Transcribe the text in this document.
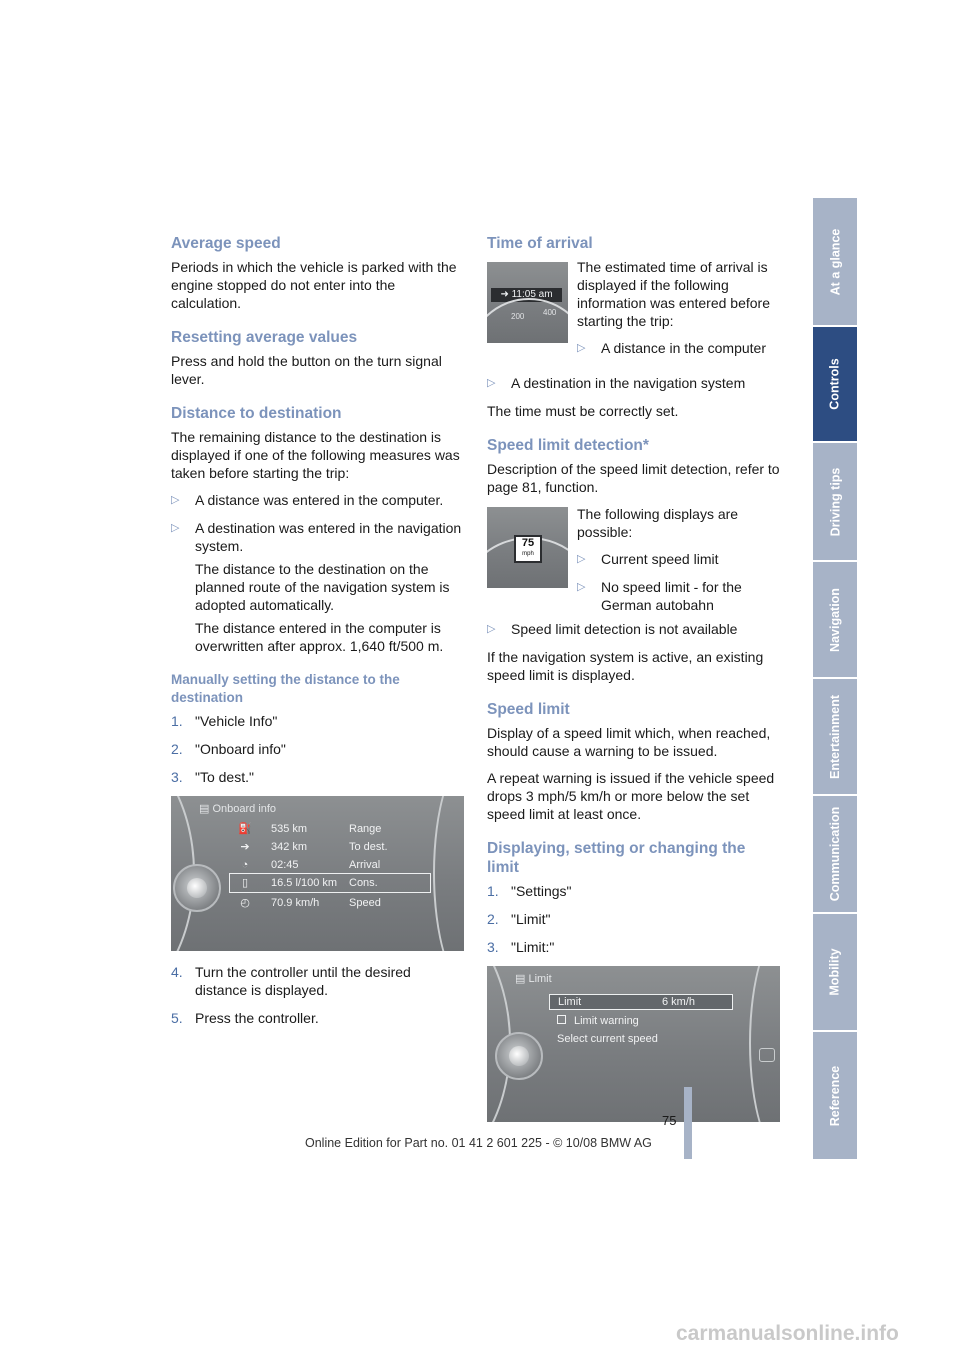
Average speed

Periods in which the vehicle is parked with the engine stopped do not enter into the calculation.

Resetting average values

Press and hold the button on the turn signal lever.

Distance to destination

The remaining distance to the destination is displayed if one of the following measures was taken before starting the trip:

▷ A distance was entered in the computer.
▷ A destination was entered in the navigation system.
The distance to the destination on the planned route of the navigation system is adopted automatically.
The distance entered in the computer is overwritten after approx. 1,640 ft/500 m.
Manually setting the distance to the destination
1. "Vehicle Info"
2. "Onboard info"
3. "To dest."
▤ Onboard info
⛽ 535 km	Range
➔	342 km	To dest.
◔	02:45	Arrival
▯	16.5 l/100 km Cons.
◴ 70.9 km/h	Speed
4. Turn the controller until the desired distance is displayed.
5. Press the controller.
Time of arrival
➜ 11:05 am
200 400

The estimated time of arrival is displayed if the following information was entered before starting the trip:

▷ A distance in the computer
▷ A destination in the navigation system

The time must be correctly set.

Speed limit detection*

Description of the speed limit detection, refer to page 81, function.

75
mph

The following displays are possible:

▷ Current speed limit
▷ No speed limit - for the German autobahn
▷ Speed limit detection is not available

If the navigation system is active, an existing speed limit is displayed.

Speed limit

Display of a speed limit which, when reached, should cause a warning to be issued.

A repeat warning is issued if the vehicle speed drops 3 mph/5 km/h or more below the set speed limit at least once.

Displaying, setting or changing the limit
1. "Settings"
2. "Limit"
3. "Limit:"
▤ Limit
Limit	6 km/h
Limit warning
Select current speed
At a glance
Controls
Driving tips
Navigation
Entertainment
Communication
Mobility
Reference
75
Online Edition for Part no. 01 41 2 601 225 - © 10/08 BMW AG
carmanualsonline.info
